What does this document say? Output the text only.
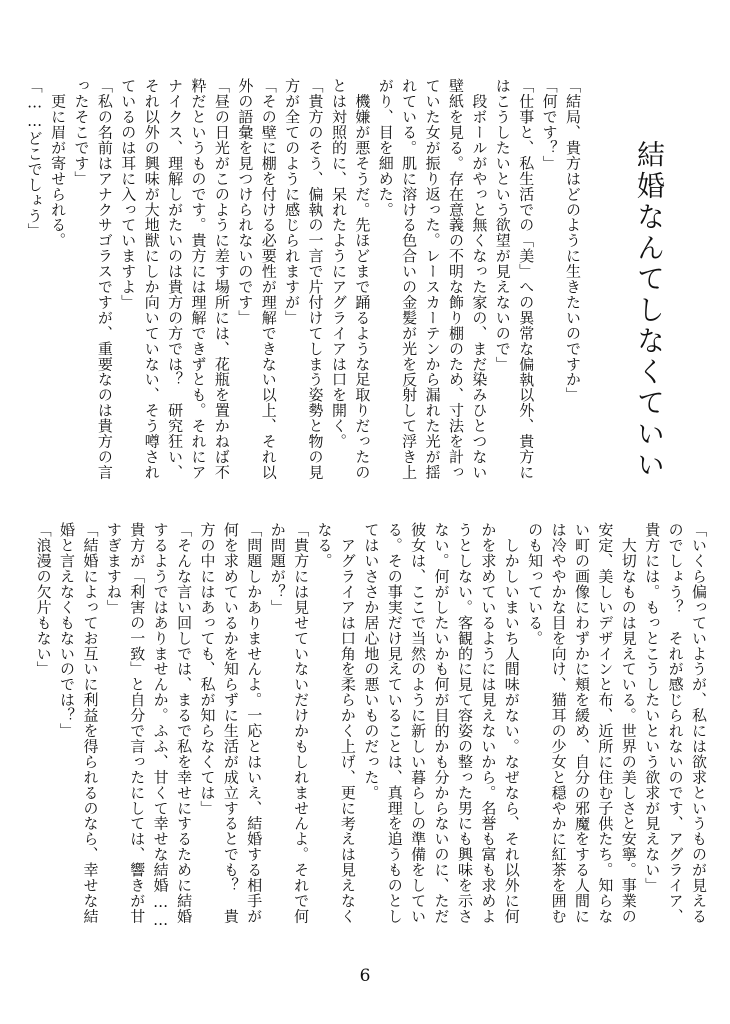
結婚なんてしなくていい
「結局、貴方はどのように生きたいのですか」
「何です？」
「仕事と、私生活での「美」への異常な偏執以外、貴方に
はこうしたいという欲望が見えないので」
　段ボールがやっと無くなった家の、まだ染みひとつない
壁紙を見る。存在意義の不明な飾り棚のため、寸法を計っ
ていた女が振り返った。レースカーテンから漏れた光が揺
れている。肌に溶ける色合いの金髪が光を反射して浮き上
がり、目を細めた。
　機嫌が悪そうだ。先ほどまで踊るような足取りだったの
とは対照的に、呆れたようにアグライアは口を開く。
「貴方のそう、偏執の一言で片付けてしまう姿勢と物の見
方が全てのように感じられますが」
「その壁に棚を付ける必要性が理解できない以上、それ以
外の語彙を見つけられないのです」
「昼の日光がこのように差す場所には、花瓶を置かねば不
粋だというものです。貴方には理解できずとも。それにア
ナイクス、理解しがたいのは貴方の方では？　研究狂い、
それ以外の興味が大地獣にしか向いていない、そう噂され
ているのは耳に入っていますよ」
「私の名前はアナクサゴラスですが、重要なのは貴方の言
ったそこです」
　更に眉が寄せられる。
「……どこでしょう」
「いくら偏っていようが、私には欲求というものが見える
のでしょう？　それが感じられないのです、アグライア、
貴方には。もっとこうしたいという欲求が見えない」
　大切なものは見えている。世界の美しさと安寧。事業の
安定、美しいデザインと布、近所に住む子供たち。知らな
い町の画像にわずかに頬を緩め、自分の邪魔をする人間に
は冷ややかな目を向け、猫耳の少女と穏やかに紅茶を囲む
のも知っている。
　しかしいまいち人間味がない。なぜなら、それ以外に何
かを求めているようには見えないから。名誉も富も求めよ
うとしない。客観的に見て容姿の整った男にも興味を示さ
ない。何がしたいかも何が目的かも分からないのに、ただ
彼女は、ここで当然のように新しい暮らしの準備をしてい
る。その事実だけ見えていることは、真理を追うものとし
てはいささか居心地の悪いものだった。
　アグライアは口角を柔らかく上げ、更に考えは見えなく
なる。
「貴方には見せていないだけかもしれませんよ。それで何
か問題が？」
「問題しかありませんよ。一応とはいえ、結婚する相手が
何を求めているかを知らずに生活が成立するとでも？　貴
方の中にはあっても、私が知らなくては」
「そんな言い回しでは、まるで私を幸せにするために結婚
するようではありませんか。ふふ、甘くて幸せな結婚……
貴方が「利害の一致」と自分で言ったにしては、響きが甘
すぎますね」
「結婚によってお互いに利益を得られるのなら、幸せな結
婚と言えなくもないのでは？」
「浪漫の欠片もない」
6
